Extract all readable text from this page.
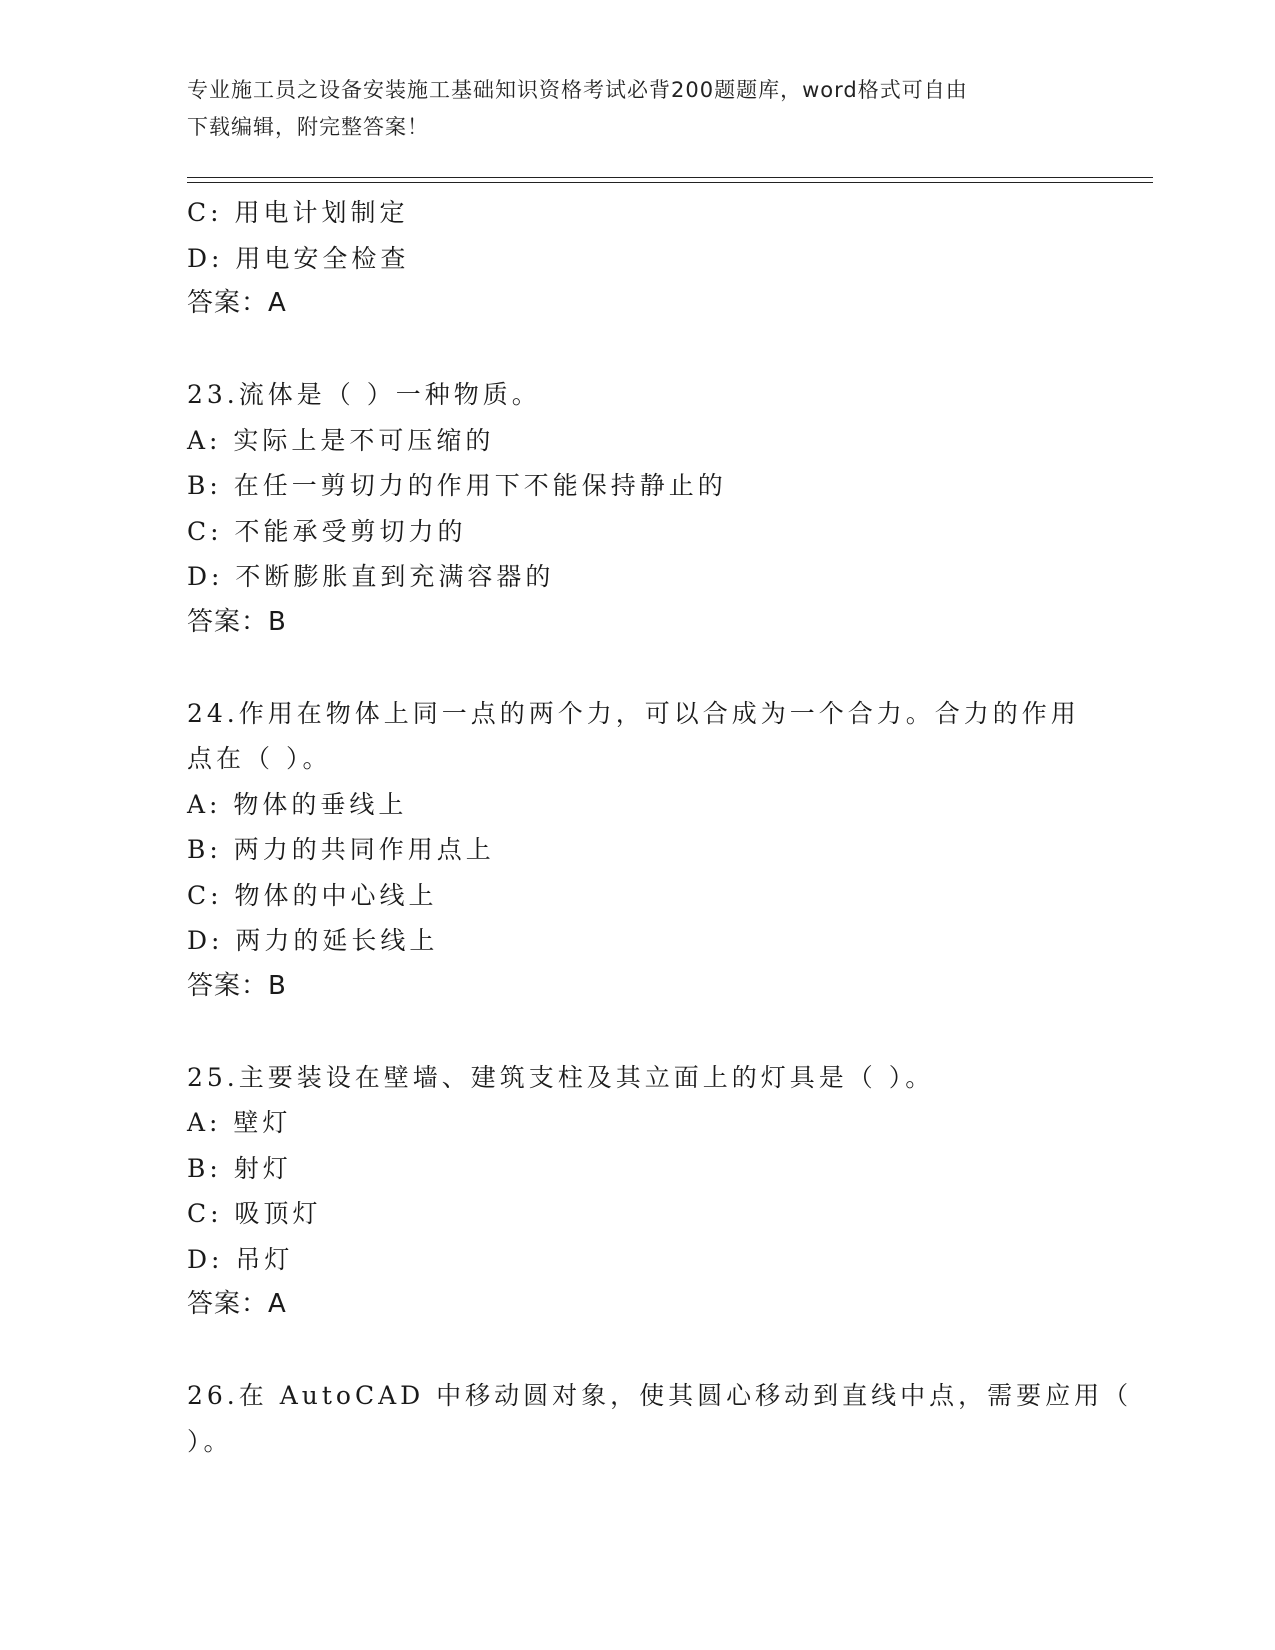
专业施工员之设备安装施工基础知识资格考试必背200题题库，word格式可自由
下载编辑，附完整答案！
C: 用电计划制定
D: 用电安全检查
答案：A
23.流体是（ ）一种物质。
A: 实际上是不可压缩的
B: 在任一剪切力的作用下不能保持静止的
C: 不能承受剪切力的
D: 不断膨胀直到充满容器的
答案：B
24.作用在物体上同一点的两个力，可以合成为一个合力。合力的作用
点在（ ）。
A: 物体的垂线上
B: 两力的共同作用点上
C: 物体的中心线上
D: 两力的延长线上
答案：B
25.主要装设在壁墙、建筑支柱及其立面上的灯具是（ ）。
A: 壁灯
B: 射灯
C: 吸顶灯
D: 吊灯
答案：A
26.在 AutoCAD 中移动圆对象，使其圆心移动到直线中点，需要应用（
）。
